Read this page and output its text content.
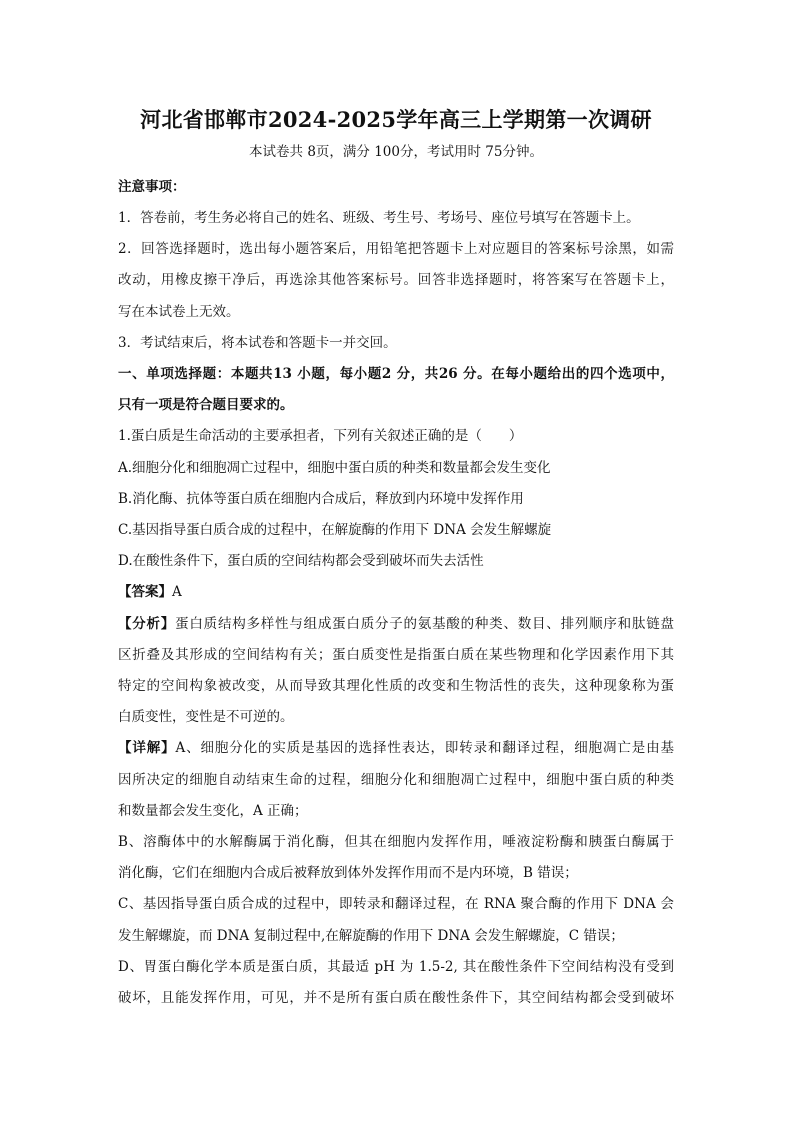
河北省邯郸市2024-2025学年高三上学期第一次调研
本试卷共 8页，满分 100分，考试用时 75分钟。
注意事项：

1．答卷前，考生务必将自己的姓名、班级、考生号、考场号、座位号填写在答题卡上。

2．回答选择题时，选出每小题答案后，用铅笔把答题卡上对应题目的答案标号涂黑，如需

改动，用橡皮擦干净后，再选涂其他答案标号。回答非选择题时，将答案写在答题卡上，

写在本试卷上无效。

3．考试结束后，将本试卷和答题卡一并交回。

一、单项选择题：本题共13 小题，每小题2 分，共26 分。在每小题给出的四个选项中，

只有一项是符合题目要求的。

1.蛋白质是生命活动的主要承担者，下列有关叙述正确的是（　　）

A.细胞分化和细胞凋亡过程中，细胞中蛋白质的种类和数量都会发生变化

B.消化酶、抗体等蛋白质在细胞内合成后，释放到内环境中发挥作用

C.基因指导蛋白质合成的过程中，在解旋酶的作用下 DNA 会发生解螺旋

D.在酸性条件下，蛋白质的空间结构都会受到破坏而失去活性

【答案】A

【分析】蛋白质结构多样性与组成蛋白质分子的氨基酸的种类、数目、排列顺序和肽链盘

区折叠及其形成的空间结构有关；蛋白质变性是指蛋白质在某些物理和化学因素作用下其

特定的空间构象被改变，从而导致其理化性质的改变和生物活性的丧失，这种现象称为蛋

白质变性，变性是不可逆的。

【详解】A、细胞分化的实质是基因的选择性表达，即转录和翻译过程，细胞凋亡是由基

因所决定的细胞自动结束生命的过程，细胞分化和细胞凋亡过程中，细胞中蛋白质的种类

和数量都会发生变化，A 正确；

B、溶酶体中的水解酶属于消化酶，但其在细胞内发挥作用，唾液淀粉酶和胰蛋白酶属于

消化酶，它们在细胞内合成后被释放到体外发挥作用而不是内环境，B 错误；

C、基因指导蛋白质合成的过程中，即转录和翻译过程，在 RNA 聚合酶的作用下 DNA 会

发生解螺旋，而 DNA 复制过程中,在解旋酶的作用下 DNA 会发生解螺旋，C 错误；

D、胃蛋白酶化学本质是蛋白质，其最适 pH 为 1.5-2, 其在酸性条件下空间结构没有受到

破坏，且能发挥作用，可见，并不是所有蛋白质在酸性条件下，其空间结构都会受到破坏
